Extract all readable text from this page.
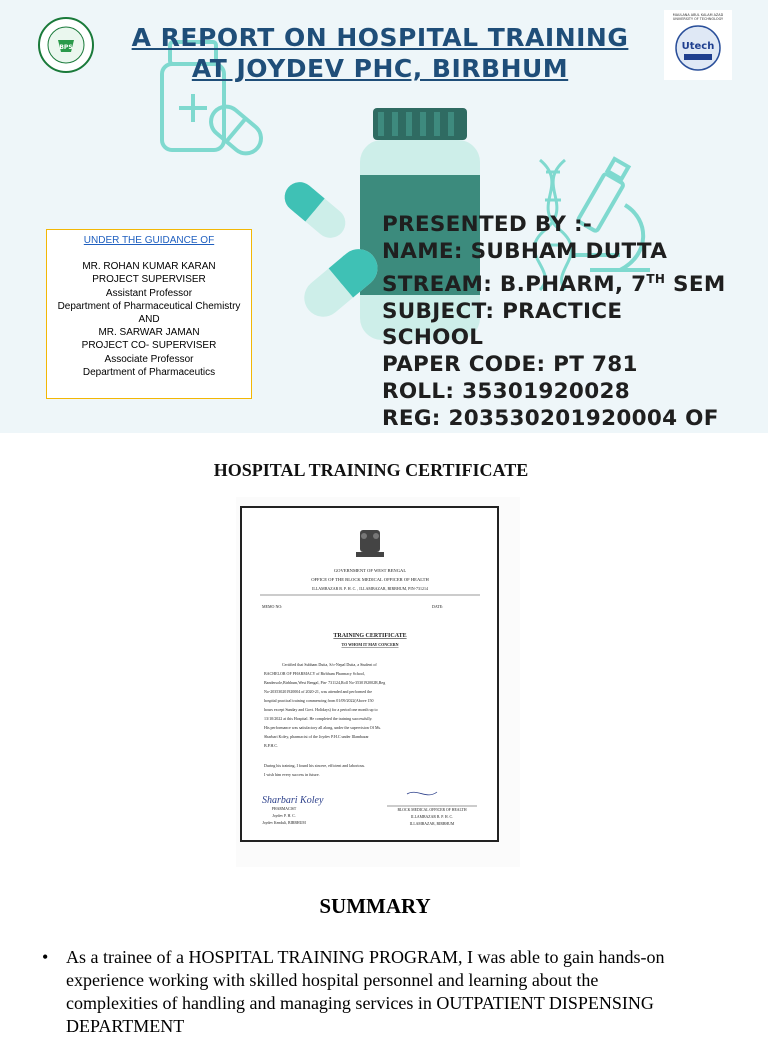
BPS
MAULANA ABUL KALAM AZAD
UNIVERSITY OF TECHNOLOGY
Utech
A REPORT ON HOSPITAL TRAINING
AT JOYDEV PHC, BIRBHUM
UNDER THE GUIDANCE OF
MR. ROHAN KUMAR KARAN
PROJECT SUPERVISER
Assistant Professor
Department of Pharmaceutical Chemistry
AND
MR. SARWAR JAMAN
PROJECT CO- SUPERVISER
Associate Professor
Department of Pharmaceutics
PRESENTED BY :-
NAME: SUBHAM DUTTA
STREAM: B.PHARM, 7TH SEM
SUBJECT: PRACTICE
SCHOOL
PAPER CODE: PT 781
ROLL: 35301920028
REG: 203530201920004 OF
HOSPITAL TRAINING CERTIFICATE
GOVERNMENT OF WEST BENGAL
OFFICE OF THE BLOCK MEDICAL OFFICER OF HEALTH
ILLAMBAZAR B. P. H. C. , ILLAMBAZAR, BIRBHUM, PIN-731214
MEMO NO:	DATE:
TRAINING CERTIFICATE
TO WHOM IT MAY CONCERN
Certified that Subham Dutta, S/o-Nepal Dutta, a Student of
BACHELOR OF PHARMACY of Birbhum Pharmacy School,
Bandersole,Birbhum,West Bengal, Pin- 731124,Roll No-3530192002R,Reg
No-203530201920004 of 2020-21, was attended and performed the
hospital practical training commencing from 01/09/2022(Above 150
hours except Sunday and Govt. Holidays) for a period one month up to
13/10/2022 at this Hospital. He completed the training successfully.
His performance was satisfactory all along, under the supervision Of Ms.
Sharbari Koley, pharmacist of the Joydev P.H.C under Illambazar
B.P.H.C.
During his training, I found his sincere, efficient and laborious.
I wish him every success in future.
Sharbari Koley
PHARMACIST
Joydev P. H. C.
Joydev Kenduli, BIRBHUM
BLOCK MEDICAL OFFICER OF HEALTH
ILLAMBAZAR B. P. H. C.
ILLAMBAZAR, BIRBHUM
SUMMARY
• As a trainee of a HOSPITAL TRAINING PROGRAM, I was able to gain hands-on
experience working with skilled hospital personnel and learning about the
complexities of handling and managing services in OUTPATIENT DISPENSING
DEPARTMENT
